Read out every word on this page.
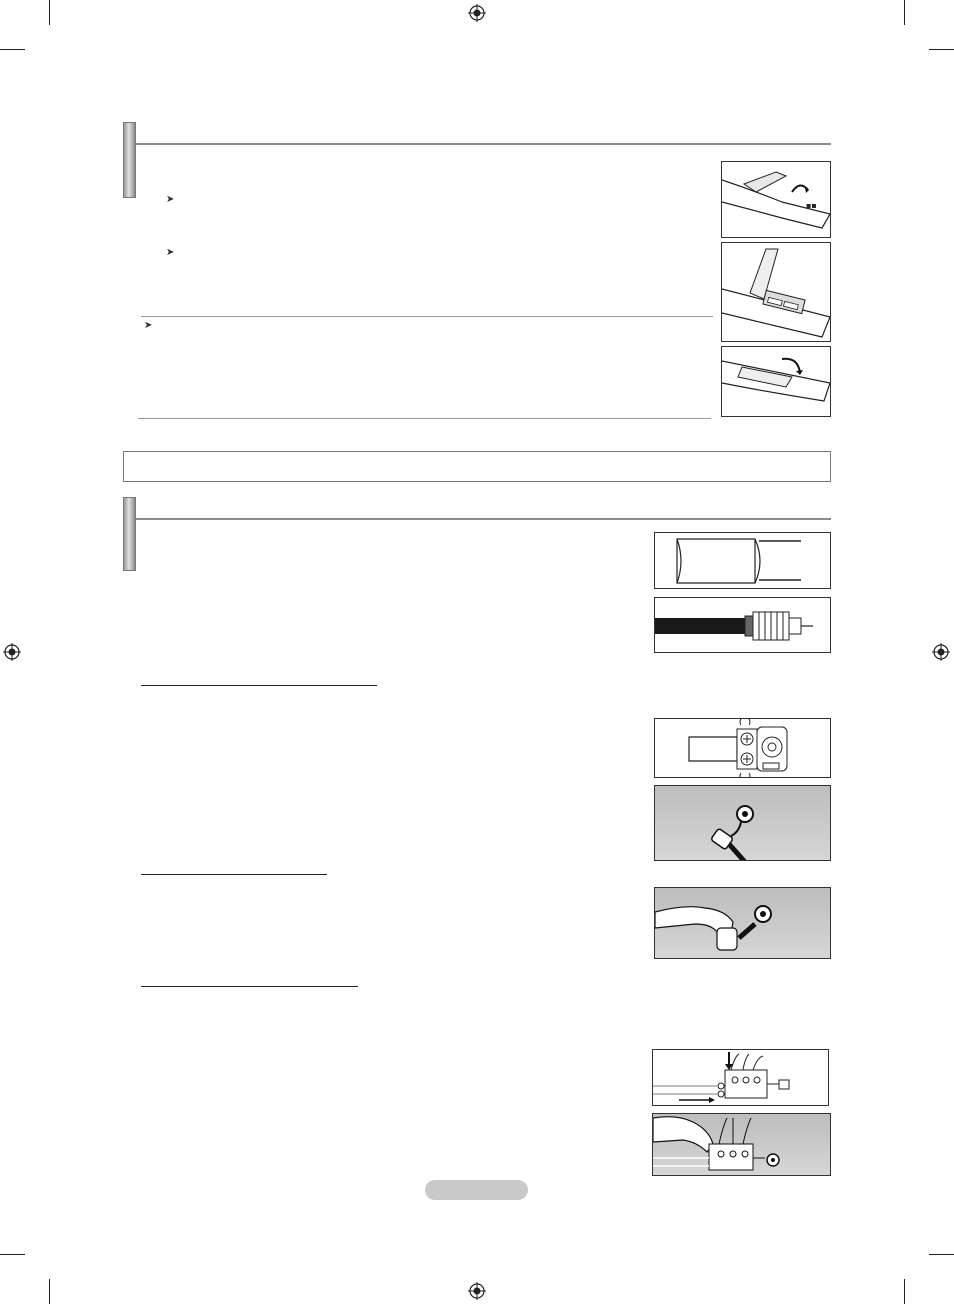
➤
➤
➤
▪▪
